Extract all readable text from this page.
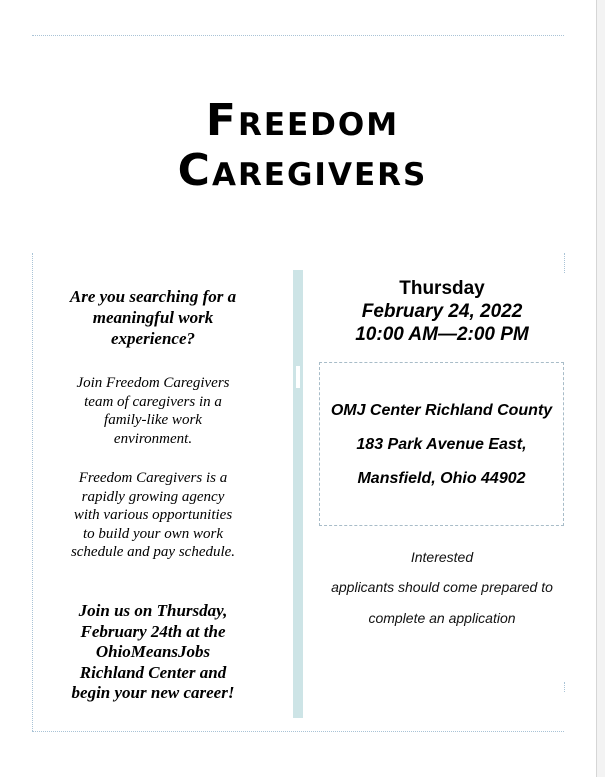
Freedom
Caregivers
Are you searching for a
meaningful work
experience?
Join Freedom Caregivers
team of caregivers in a
family-like work
environment.
Freedom Caregivers is a
rapidly growing agency
with various opportunities
to build your own work
schedule and pay schedule.
Join us on Thursday,
February 24th at the
OhioMeansJobs
Richland Center and
begin your new career!
Thursday
February 24, 2022
10:00 AM—2:00 PM
OMJ Center Richland County
183 Park Avenue East,
Mansfield, Ohio 44902
Interested
applicants should come prepared to
complete an application
